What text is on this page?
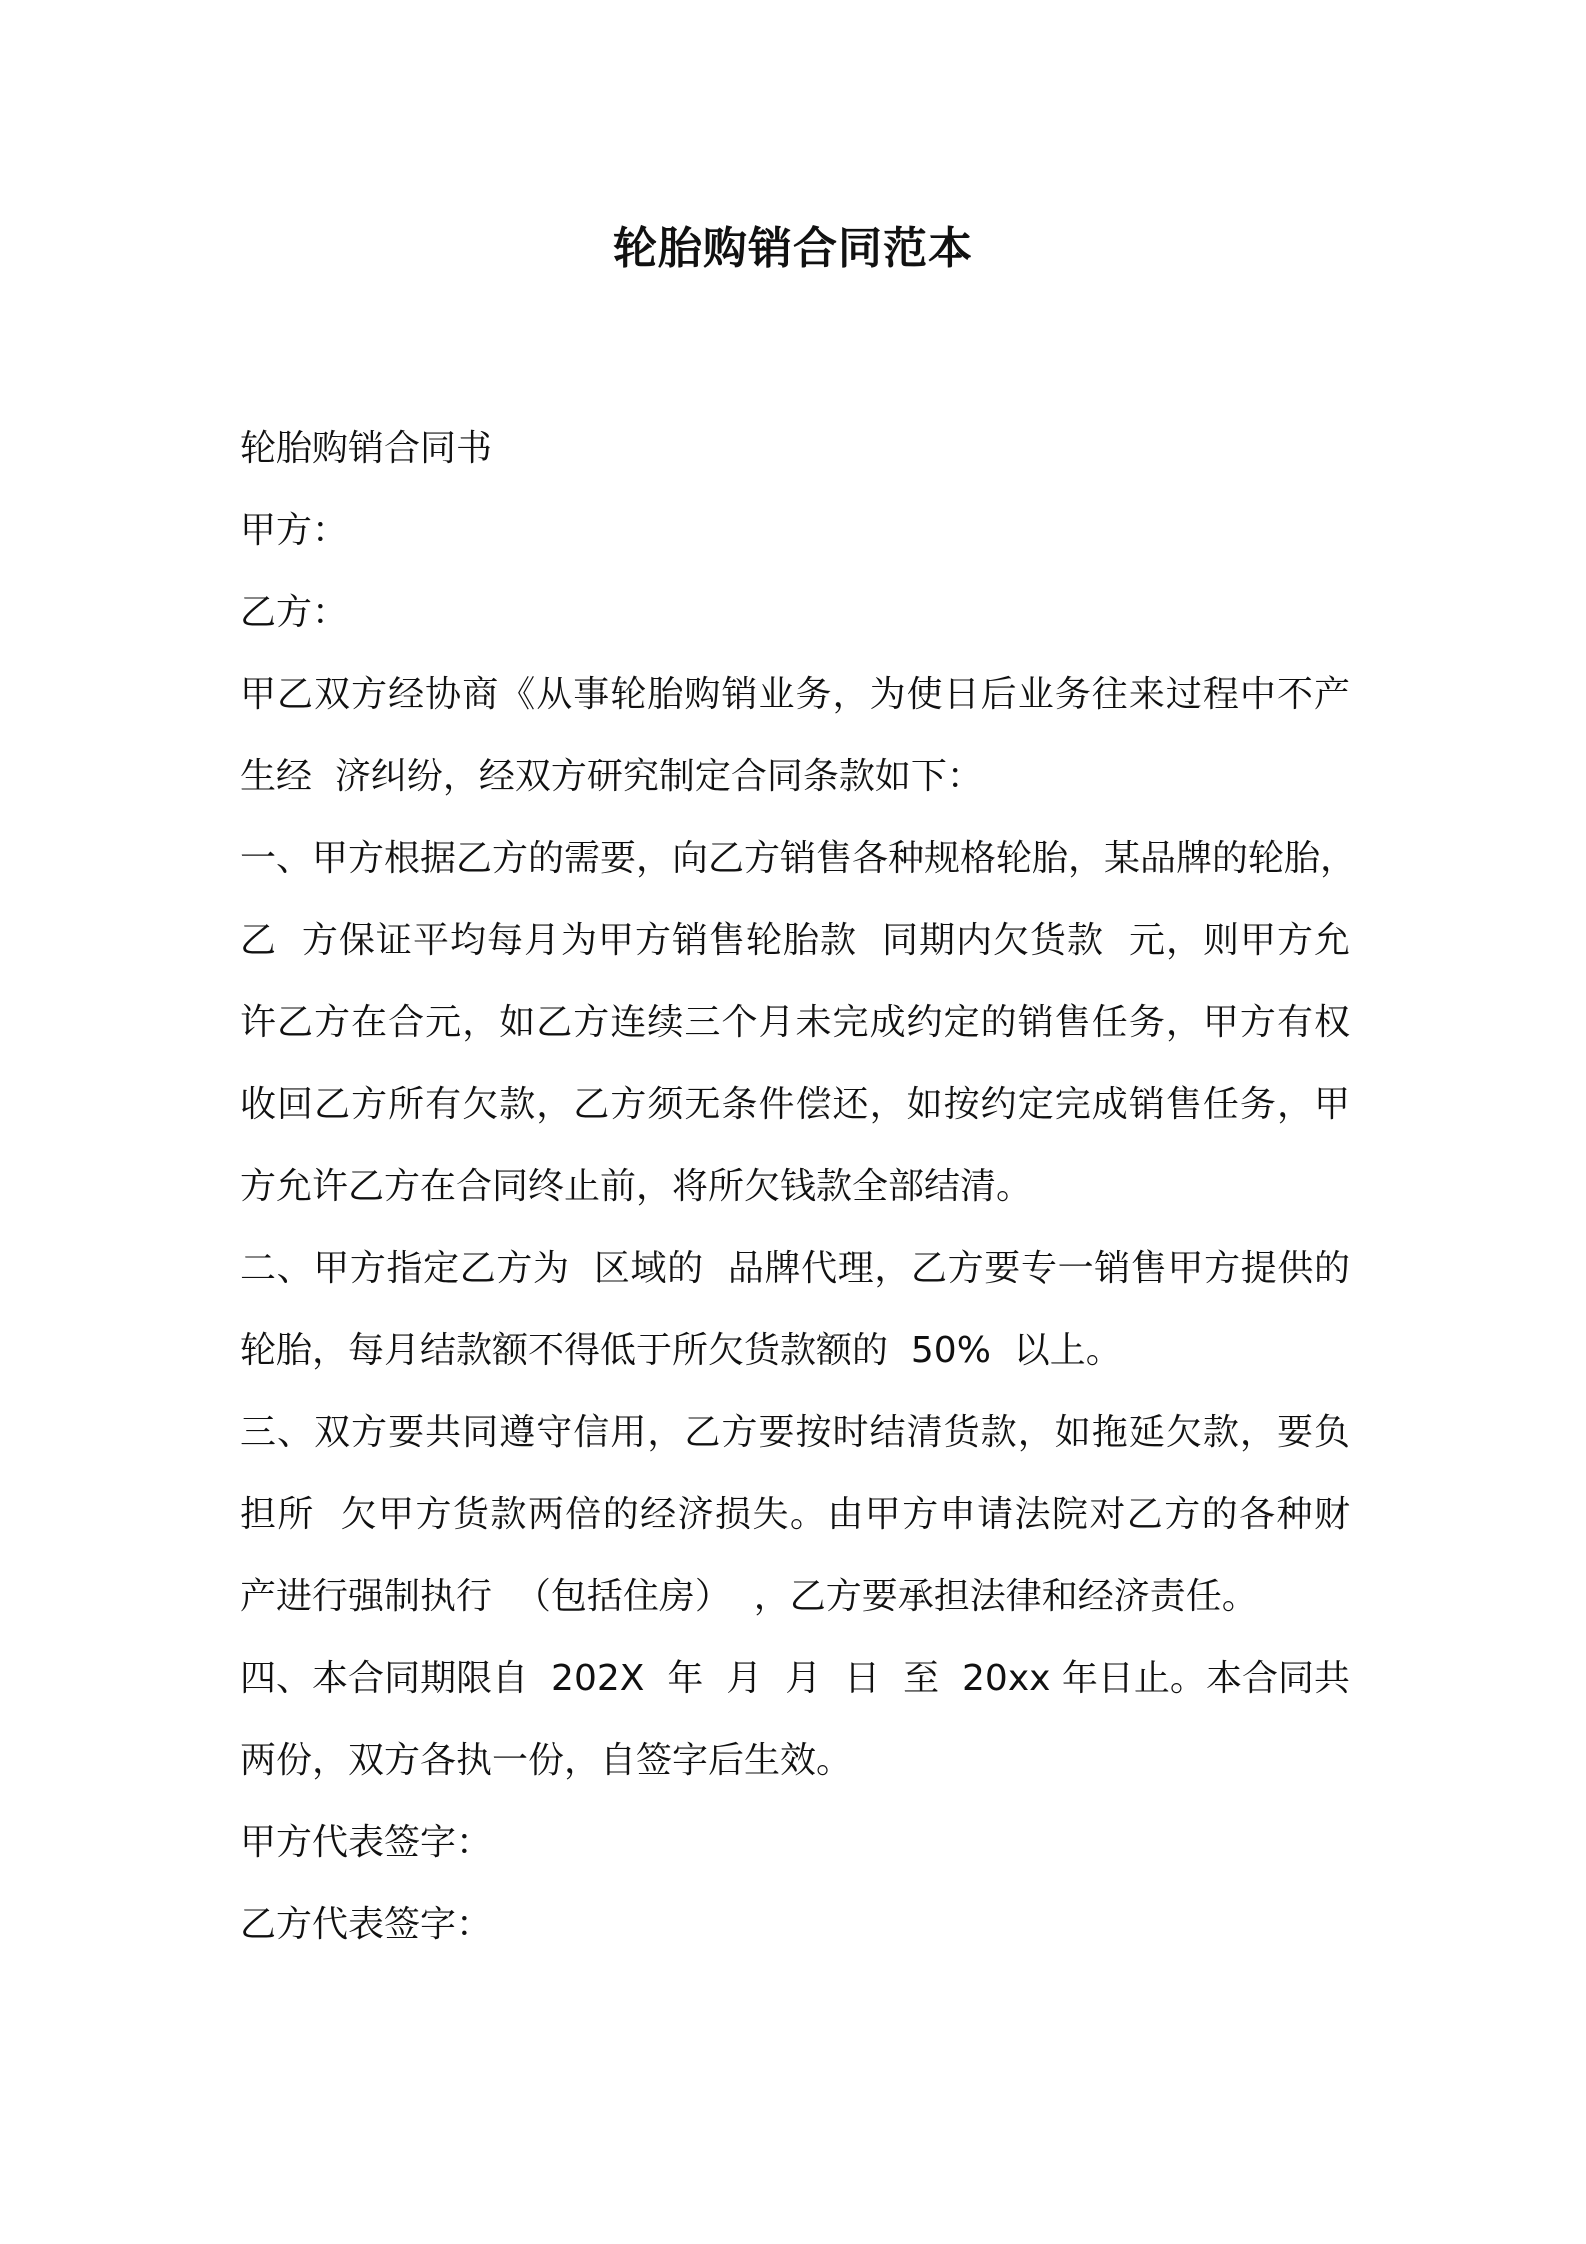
轮胎购销合同范本

轮胎购销合同书

甲方：

乙方：

甲乙双方经协商《从事轮胎购销业务，为使日后业务往来过程中不产

生经  济纠纷，经双方研究制定合同条款如下：

一、甲方根据乙方的需要，向乙方销售各种规格轮胎，某品牌的轮胎，

乙  方保证平均每月为甲方销售轮胎款  同期内欠货款  元，则甲方允

许乙方在合元，如乙方连续三个月未完成约定的销售任务，甲方有权

收回乙方所有欠款，乙方须无条件偿还，如按约定完成销售任务，甲

方允许乙方在合同终止前，将所欠钱款全部结清。

二、甲方指定乙方为  区域的  品牌代理，乙方要专一销售甲方提供的

轮胎，每月结款额不得低于所欠货款额的  50%  以上。

三、双方要共同遵守信用，乙方要按时结清货款，如拖延欠款，要负

担所  欠甲方货款两倍的经济损失。由甲方申请法院对乙方的各种财

产进行强制执行  （包括住房）  ，乙方要承担法律和经济责任。

四、本合同期限自  202X  年  月  月  日  至  20xx 年日止。本合同共

两份，双方各执一份，自签字后生效。

甲方代表签字：

乙方代表签字：
